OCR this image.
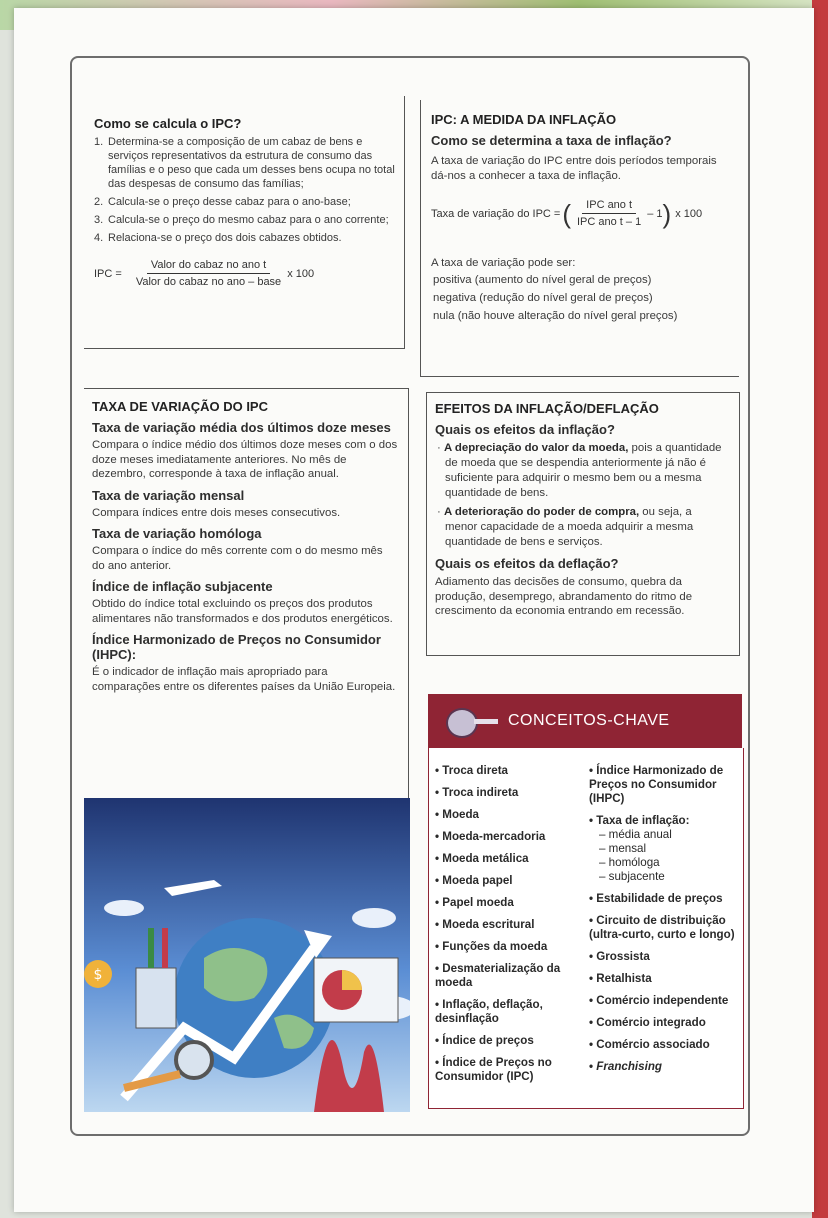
Como se calcula o IPC?

1. Determina-se a composição de um cabaz de bens e serviços representativos da estrutura de consumo das famílias e o peso que cada um desses bens ocupa no total das despesas de consumo das famílias;
2. Calcula-se o preço desse cabaz para o ano-base;
3. Calcula-se o preço do mesmo cabaz para o ano corrente;
4. Relaciona-se o preço dos dois cabazes obtidos.
IPC = $\frac{\text{Valor do cabaz no ano t}}{\text{Valor do cabaz no ano – base}}$ x 100

IPC: A MEDIDA DA INFLAÇÃO

Como se determina a taxa de inflação?

A taxa de variação do IPC entre dois períodos temporais dá-nos a conhecer a taxa de inflação.

Taxa de variação do IPC = ( $\frac{\text{IPC ano t}}{\text{IPC ano t – 1}} - 1$ ) x 100

A taxa de variação pode ser:

positiva (aumento do nível geral de preços)

negativa (redução do nível geral de preços)

nula (não houve alteração do nível geral preços)

TAXA DE VARIAÇÃO DO IPC

Taxa de variação média dos últimos doze meses

Compara o índice médio dos últimos doze meses com o dos doze meses imediatamente anteriores. No mês de dezembro, corresponde à taxa de inflação anual.

Taxa de variação mensal

Compara índices entre dois meses consecutivos.

Taxa de variação homóloga

Compara o índice do mês corrente com o do mesmo mês do ano anterior.

Índice de inflação subjacente

Obtido do índice total excluindo os preços dos produtos alimentares não transformados e dos produtos energéticos.

Índice Harmonizado de Preços no Consumidor (IHPC):

É o indicador de inflação mais apropriado para comparações entre os diferentes países da União Europeia.

EFEITOS DA INFLAÇÃO/DEFLAÇÃO

Quais os efeitos da inflação?

· A depreciação do valor da moeda, pois a quantidade de moeda que se despendia anteriormente já não é suficiente para adquirir o mesmo bem ou a mesma quantidade de bens.

· A deterioração do poder de compra, ou seja, a menor capacidade de a moeda adquirir a mesma quantidade de bens e serviços.

Quais os efeitos da deflação?

Adiamento das decisões de consumo, quebra da produção, desemprego, abrandamento do ritmo de crescimento da economia entrando em recessão.

$
CONCEITOS-CHAVE
• Troca direta
• Troca indireta
• Moeda
• Moeda-mercadoria
• Moeda metálica
• Moeda papel
• Papel moeda
• Moeda escritural
• Funções da moeda
• Desmaterialização da moeda
• Inflação, deflação, desinflação
• Índice de preços
• Índice de Preços no Consumidor (IPC)
• Índice Harmonizado de Preços no Consumidor (IHPC)
• Taxa de inflação:
– média anual
– mensal
– homóloga
– subjacente
• Estabilidade de preços
• Circuito de distribuição (ultra-curto, curto e longo)
• Grossista
• Retalhista
• Comércio independente
• Comércio integrado
• Comércio associado
• Franchising
